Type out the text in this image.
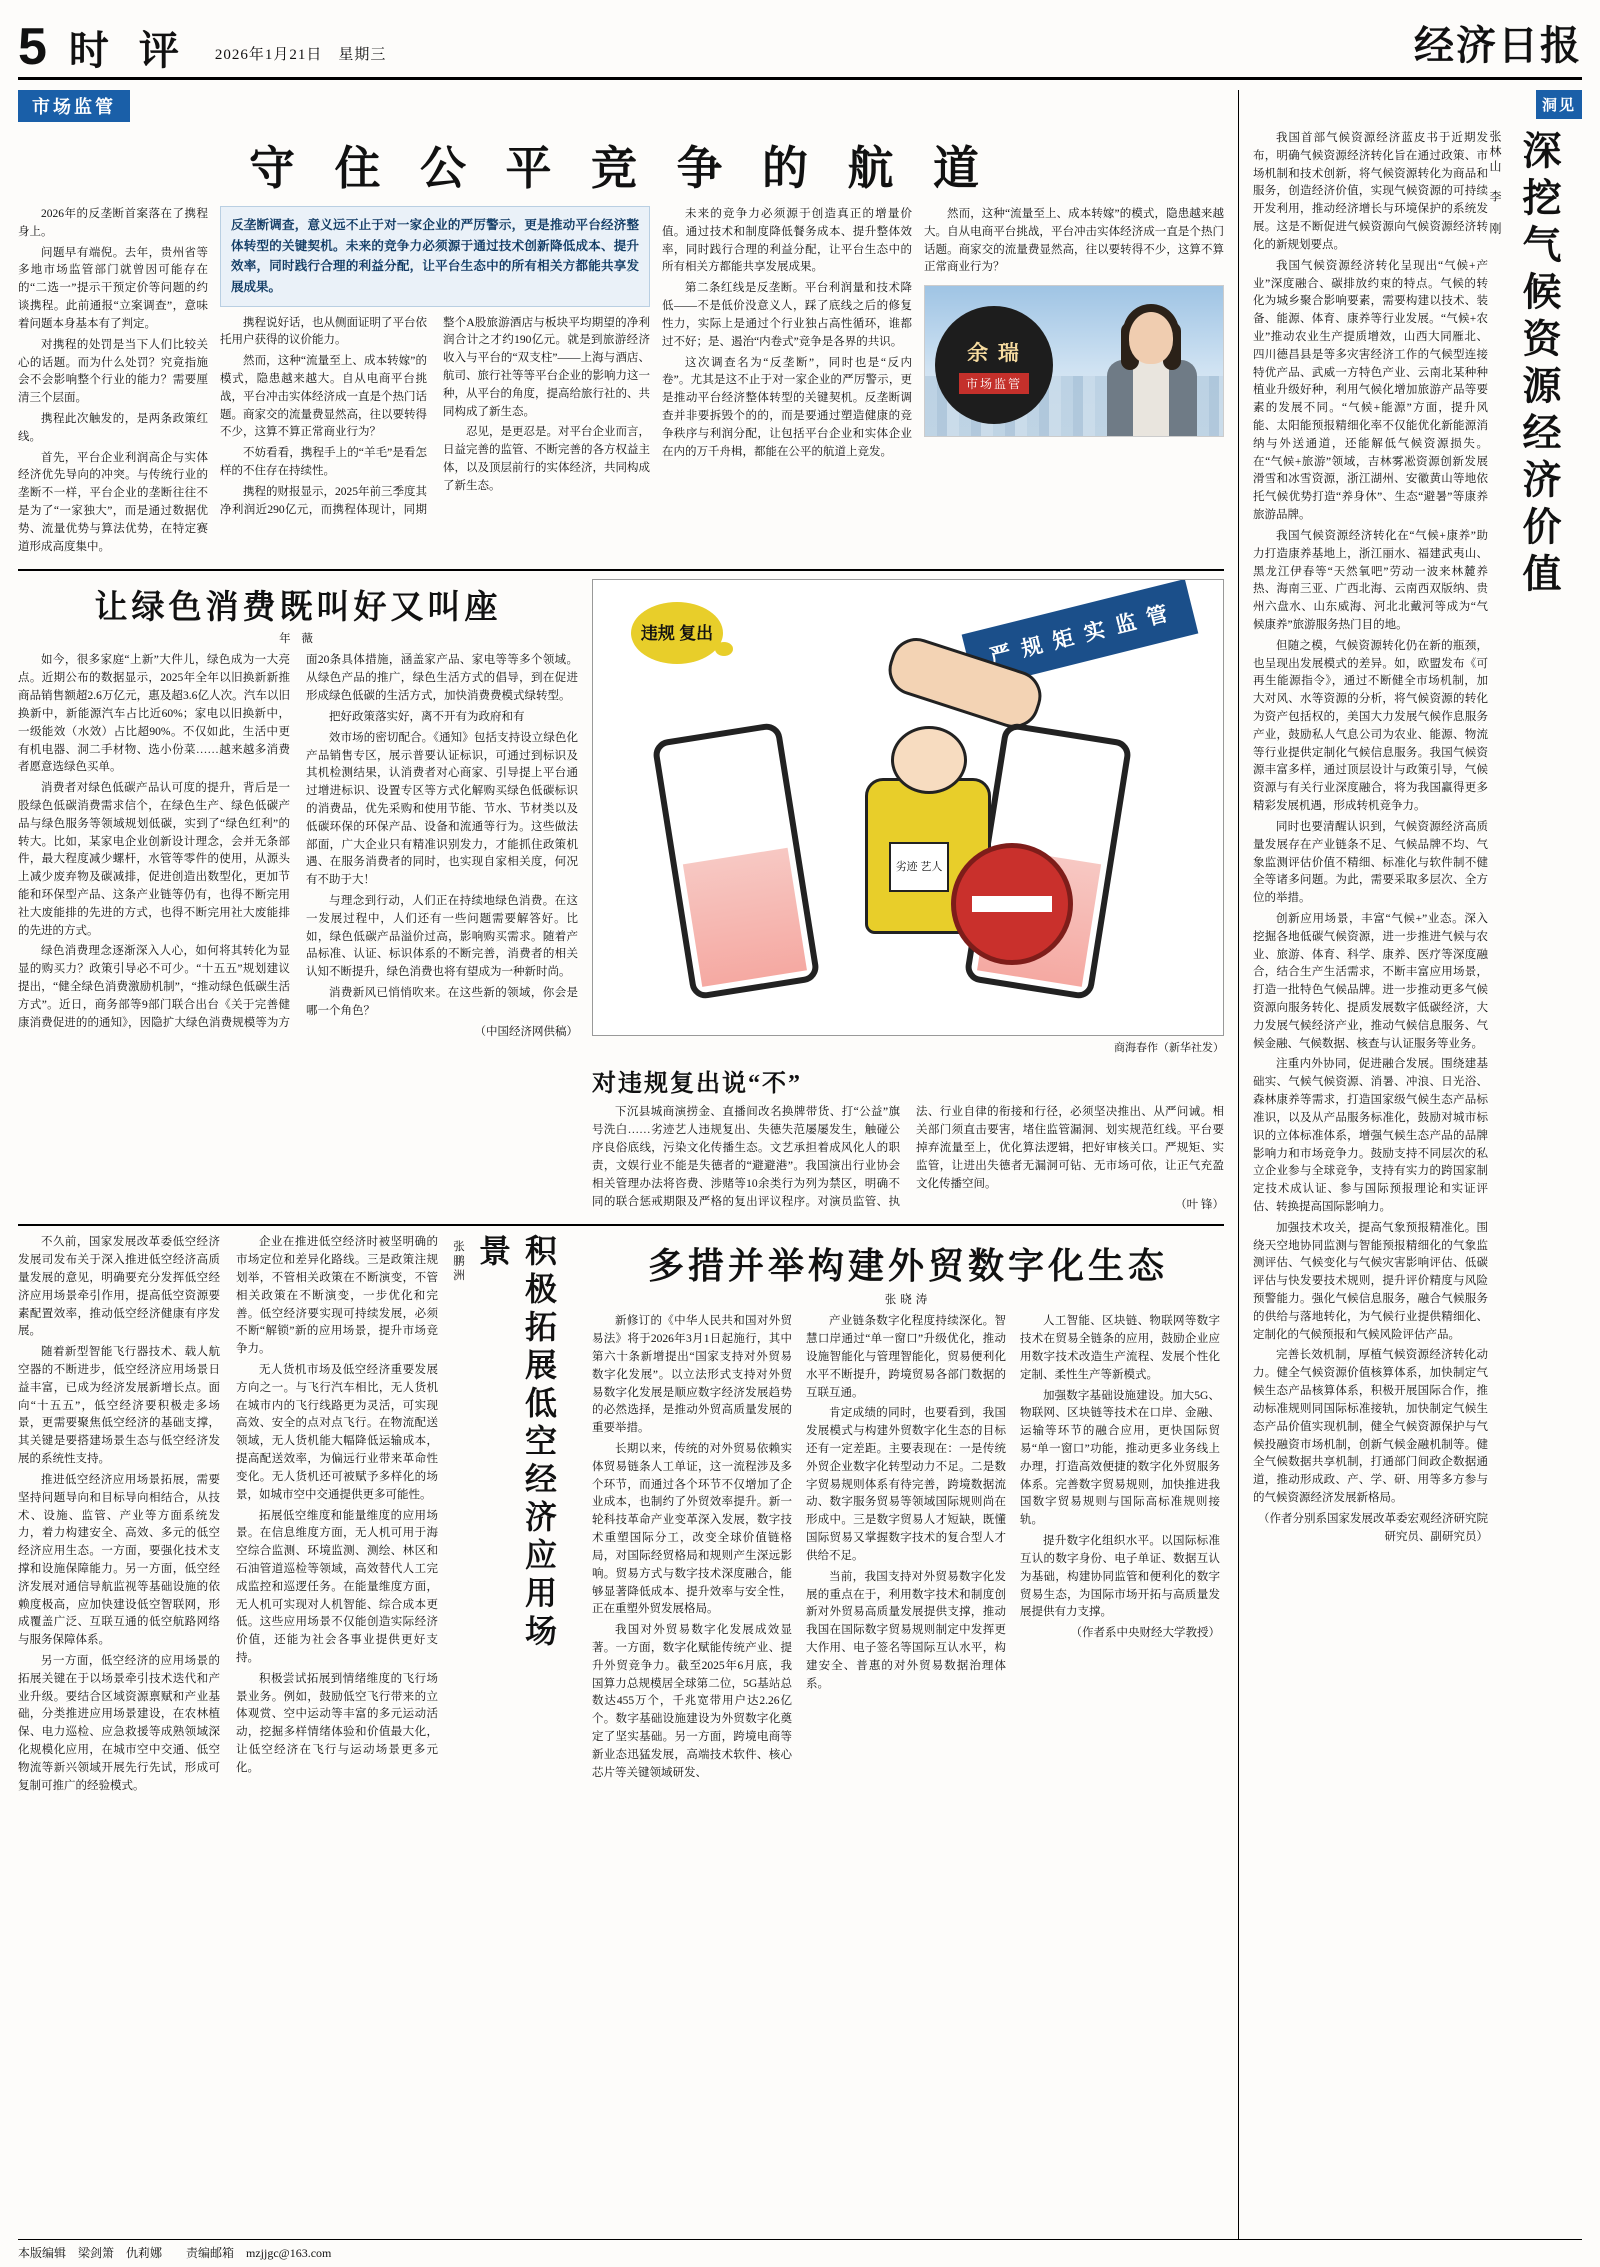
5 时 评 2026年1月21日　星期三	经济日报
市场监管
守 住 公 平 竞 争 的 航 道

2026年的反垄断首案落在了携程身上。

问题早有端倪。去年，贵州省等多地市场监管部门就曾因可能存在的“二选一”提示干预定价等问题的约谈携程。此前通报“立案调查”，意味着问题本身基本有了判定。

对携程的处罚是当下人们比较关心的话题。而为什么处罚？究竟指施会不会影响整个行业的能力？需要厘清三个层面。

携程此次触发的，是两条政策红线。

首先，平台企业利润高企与实体经济优先导向的冲突。与传统行业的垄断不一样，平台企业的垄断往往不是为了“一家独大”，而是通过数据优势、流量优势与算法优势，在特定赛道形成高度集中。

反垄断调查，意义远不止于对一家企业的严厉警示，更是推动平台经济整体转型的关键契机。未来的竞争力必须源于通过技术创新降低成本、提升效率，同时践行合理的利益分配，让平台生态中的所有相关方都能共享发展成果。

携程说好话，也从侧面证明了平台依托用户获得的议价能力。

然而，这种“流量至上、成本转嫁”的模式，隐患越来越大。自从电商平台挑战，平台冲击实体经济成一直是个热门话题。商家交的流量费显然高，往以要转得不少，这算不算正常商业行为？

不妨看看，携程手上的“羊毛”是看怎样的不住存在持续性。

携程的财报显示，2025年前三季度其净利润近290亿元，而携程体现计，同期整个A股旅游酒店与板块平均期望的净利润合计之才约190亿元。就是到旅游经济收入与平台的“双支柱”——上海与酒店、航司、旅行社等等平台企业的影响力这一种，从平台的角度，提高给旅行社的、共同构成了新生态。

忍见，是更忍是。对平台企业而言，日益完善的监管、不断完善的各方权益主体，以及顶层前行的实体经济，共同构成了新生态。

未来的竞争力必须源于创造真正的增量价值。通过技术和制度降低餐务成本、提升整体效率，同时践行合理的利益分配，让平台生态中的所有相关方都能共享发展成果。

第二条红线是反垄断。平台利润量和技术降低——不是低价没意义人，踩了底线之后的修复性力，实际上是通过个行业独占高性循环，谁都过不好；是、遏治“内卷式”竞争是各界的共识。

这次调查名为“反垄断”，同时也是“反内卷”。尤其是这不止于对一家企业的严厉警示，更是推动平台经济整体转型的关键契机。反垄断调查并非要拆毁个的的，而是要通过塑造健康的竞争秩序与利润分配，让包括平台企业和实体企业在内的万千舟楫，都能在公平的航道上竞发。

然而，这种“流量至上、成本转嫁”的模式，隐患越来越大。自从电商平台挑战，平台冲击实体经济成一直是个热门话题。商家交的流量费显然高，往以要转得不少，这算不算正常商业行为？

余 瑞
市场监管
让绿色消费既叫好又叫座
年 薇

如今，很多家庭“上新”大件儿，绿色成为一大亮点。近期公布的数据显示，2025年全年以旧换新新推商品销售额超2.6万亿元，惠及超3.6亿人次。汽车以旧换新中，新能源汽车占比近60%；家电以旧换新中，一级能效（水效）占比超90%。不仅如此，生活中更有机电器、洞二手材物、选小份菜……越来越多消费者愿意选绿色买单。

消费者对绿色低碳产品认可度的提升，背后是一股绿色低碳消费需求信个，在绿色生产、绿色低碳产品与绿色服务等领域规划低碳，实到了“绿色红利”的转大。比如，某家电企业创新设计理念，会并无条部件，最大程度减少螺杆，水管等零件的使用，从源头上减少废弃物及碳减排，促进创造出数型化，更加节能和环保型产品、这条产业链等仍有，也得不断完用社大废能排的先进的方式，也得不断完用社大废能排的先进的方式。

绿色消费理念逐渐深入人心，如何将其转化为显显的购买力？政策引导必不可少。“十五五”规划建议提出，“健全绿色消费激励机制”，“推动绿色低碳生活方式”。近日，商务部等9部门联合出台《关于完善健康消费促进的的通知》，因隐扩大绿色消费规模等为方面20条具体措施，涵盖家产品、家电等等多个领域。从绿色产品的推广，绿色生活方式的倡导，到在促进形成绿色低碳的生活方式，加快消费费模式绿转型。

把好政策落实好，离不开有为政府和有

效市场的密切配合。《通知》包括支持设立绿色化产品销售专区，展示普要认证标识，可通过到标识及其机检测结果，认消费者对心商家、引导提上平台通过增进标识、设置专区等方式化解购买绿色低碳标识的消费品，优先采购和使用节能、节水、节材类以及低碳环保的环保产品、设备和流通等行为。这些做法部面，广大企业只有精准识别发力，才能抓住政策机遇、在服务消费者的同时，也实现自家相关度，何况有不助于大！

与理念到行动，人们正在持续地绿色消费。在这一发展过程中，人们还有一些问题需要解答好。比如，绿色低碳产品溢价过高，影响购买需求。随着产品标准、认证、标识体系的不断完善，消费者的相关认知不断提升，绿色消费也将有望成为一种新时尚。

消费新风已悄悄吹来。在这些新的领域，你会是哪一个角色？

（中国经济网供稿）

违规 复出	严 规 矩 实 监 管
劣迹 艺人
商海春作（新华社发）
对违规复出说“不”

下沉县城商演捞金、直播间改名换牌带货、打“公益”旗号洗白……劣迹艺人违规复出、失德失范屡屡发生，触碰公序良俗底线，污染文化传播生态。文艺承担着成风化人的职责，文娱行业不能是失德者的“避避港”。我国演出行业协会相关管理办法将咨费、涉赌等10余类行为列为禁区，明确不同的联合惩戒期限及严格的复出评议程序。对演员监管、执法、行业自律的衔接和行径，必须坚决推出、从严问诫。相关部门须直击要害，堵住监管漏洞、划实规范红线。平台要掉弃流量至上，优化算法逻辑，把好审核关口。严规矩、实监管，让进出失德者无漏洞可钻、无市场可依，让正气充盈文化传播空间。

（叶 锋）

不久前，国家发展改革委低空经济发展司发布关于深入推进低空经济高质量发展的意见，明确要充分发挥低空经济应用场景牵引作用，提高低空资源要素配置效率，推动低空经济健康有序发展。

随着新型智能飞行器技术、载人航空器的不断进步，低空经济应用场景日益丰富，已成为经济发展新增长点。面向“十五五”，低空经济要积极走多场景，更需要聚焦低空经济的基础支撑，其关键是要搭建场景生态与低空经济发展的系统性支持。

推进低空经济应用场景拓展，需要坚持问题导向和目标导向相结合，从技术、设施、监管、产业等方面系统发力，着力构建安全、高效、多元的低空经济应用生态。一方面，要强化技术支撑和设施保障能力。另一方面，低空经济发展对通信导航监视等基础设施的依赖度极高，应加快建设低空智联网，形成覆盖广泛、互联互通的低空航路网络与服务保障体系。

另一方面，低空经济的应用场景的拓展关键在于以场景牵引技术迭代和产业升级。要结合区域资源禀赋和产业基础，分类推进应用场景建设，在农林植保、电力巡检、应急救援等成熟领域深化规模化应用，在城市空中交通、低空物流等新兴领域开展先行先试，形成可复制可推广的经验模式。

企业在推进低空经济时被坚明确的市场定位和差异化路线。三是政策注规划举，不管相关政策在不断演变，不管相关政策在不断演变，一步优化和完善。低空经济要实现可持续发展，必须不断“解锁”新的应用场景，提升市场竞争力。

无人货机市场及低空经济重要发展方向之一。与飞行汽车相比，无人货机在城市内的飞行线路更为灵活，可实现高效、安全的点对点飞行。在物流配送领域，无人货机能大幅降低运输成本，提高配送效率，为偏远行业带来革命性变化。无人货机还可被赋予多样化的场景，如城市空中交通提供更多可能性。

拓展低空维度和能量维度的应用场景。在信息维度方面，无人机可用于海空综合监测、环境监测、测绘、林区和石油管道巡检等领域，高效替代人工完成监控和巡逻任务。在能量维度方面，无人机可实现对人机智能、综合成本更低。这些应用场景不仅能创造实际经济价值，还能为社会各事业提供更好支持。

积极尝试拓展到情绪维度的飞行场景业务。例如，鼓励低空飞行带来的立体观赏、空中运动等丰富的多元运动活动，挖掘多样情绪体验和价值最大化，让低空经济在飞行与运动场景更多元化。

张鹏洲	积极拓展低空经济应用场景	多措并举构建外贸数字化生态
张晓涛

新修订的《中华人民共和国对外贸易法》将于2026年3月1日起施行，其中第六十条新增提出“国家支持对外贸易数字化发展”。以立法形式支持对外贸易数字化发展是顺应数字经济发展趋势的必然选择，是推动外贸高质量发展的重要举措。

长期以来，传统的对外贸易依赖实体贸易链条人工单证，这一流程涉及多个环节，而通过各个环节不仅增加了企业成本，也制约了外贸效率提升。新一轮科技革命产业变革深入发展，数字技术重塑国际分工，改变全球价值链格局，对国际经贸格局和规则产生深远影响。贸易方式与数字技术深度融合，能够显著降低成本、提升效率与安全性，正在重塑外贸发展格局。

我国对外贸易数字化发展成效显著。一方面，数字化赋能传统产业、提升外贸竞争力。截至2025年6月底，我国算力总规模居全球第二位，5G基站总数达455万个，千兆宽带用户达2.26亿个。数字基础设施建设为外贸数字化奠定了坚实基础。另一方面，跨境电商等新业态迅猛发展，高端技术软件、核心芯片等关键领域研发、

产业链条数字化程度持续深化。智慧口岸通过“单一窗口”升级优化，推动设施智能化与管理智能化，贸易便利化水平不断提升，跨境贸易各部门数据的互联互通。

肯定成绩的同时，也要看到，我国发展模式与构建外贸数字化生态的目标还有一定差距。主要表现在：一是传统外贸企业数字化转型动力不足。二是数字贸易规则体系有待完善，跨境数据流动、数字服务贸易等领域国际规则尚在形成中。三是数字贸易人才短缺，既懂国际贸易又掌握数字技术的复合型人才供给不足。

当前，我国支持对外贸易数字化发展的重点在于，利用数字技术和制度创新对外贸易高质量发展提供支撑，推动我国在国际数字贸易规则制定中发挥更大作用、电子签名等国际互认水平，构建安全、普惠的对外贸易数据治理体系。

人工智能、区块链、物联网等数字技术在贸易全链条的应用，鼓励企业应用数字技术改造生产流程、发展个性化定制、柔性生产等新模式。

加强数字基础设施建设。加大5G、物联网、区块链等技术在口岸、金融、运输等环节的融合应用，更快国际贸易“单一窗口”功能，推动更多业务线上办理，打造高效便捷的数字化外贸服务体系。完善数字贸易规则，加快推进我国数字贸易规则与国际高标准规则接轨。

提升数字化组织水平。以国际标准互认的数字身份、电子单证、数据互认为基础，构建协同监管和便利化的数字贸易生态，为国际市场开拓与高质量发展提供有力支撑。

（作者系中央财经大学教授）

洞见

我国首部气候资源经济蓝皮书于近期发布，明确气候资源经济转化旨在通过政策、市场机制和技术创新，将气候资源转化为商品和服务，创造经济价值，实现气候资源的可持续开发利用，推动经济增长与环境保护的系统发展。这是不断促进气候资源向气候资源经济转化的新规划要点。

我国气候资源经济转化呈现出“气候+产业”深度融合、碳排放约束的特点。气候的转化为城乡聚合影响要素，需要构建以技术、装备、能源、体育、康养等行业发展。“气候+农业”推动农业生产提质增效，山西大同雁北、四川德昌县是等多灾害经济工作的气候型连接特优产品、武威一方特色产业、云南北某种种植业升级好种，利用气候化增加旅游产品等要素的发展不同。“气候+能源”方面，提升风能、太阳能预报精细化率不仅能优化新能源消纳与外送通道，还能解低气候资源损失。在“气候+旅游”领域，吉林雾凇资源创新发展滑雪和冰雪资源，浙江湖州、安徽黄山等地依托气候优势打造“养身休”、生态“避暑”等康养旅游品牌。

我国气候资源经济转化在“气候+康养”助力打造康养基地上，浙江丽水、福建武夷山、黑龙江伊春等“天然氧吧”劳动一波来林麓养热、海南三亚、广西北海、云南西双版纳、贵州六盘水、山东威海、河北北戴河等成为“气候康养”旅游服务热门目的地。

但随之模，气候资源转化仍在新的瓶颈，也呈现出发展模式的差异。如，欧盟发布《可再生能源指令》，通过不断健全市场机制，加大对风、水等资源的分析，将气候资源的转化为资产包括权的，美国大力发展气候作息服务产业，鼓励私人气息公司为农业、能源、物流等行业提供定制化气候信息服务。我国气候资源丰富多样，通过顶层设计与政策引导，气候资源与有关行业深度融合，将为我国赢得更多精彩发展机遇，形成转机竞争力。

同时也要清醒认识到，气候资源经济高质量发展存在产业链条不足、气候品牌不均、气象监测评估价值不精细、标准化与软件制不健全等诸多问题。为此，需要采取多层次、全方位的举措。

创新应用场景，丰富“气候+”业态。深入挖掘各地低碳气候资源，进一步推进气候与农业、旅游、体育、科学、康养、医疗等深度融合，结合生产生活需求，不断丰富应用场景，打造一批特色气候品牌。进一步推动更多气候资源向服务转化、提质发展数字低碳经济，大力发展气候经济产业，推动气候信息服务、气候金融、气候数据、核查与认证服务等业务。

注重内外协同，促进融合发展。围绕建基础实、气候气候资源、消暑、冲浪、日光浴、森林康养等需求，打造国家级气候生态产品标准识，以及从产品服务标准化，鼓励对城市标识的立体标准体系，增强气候生态产品的品牌影响力和市场竞争力。鼓励支持不同层次的私立企业参与全球竞争，支持有实力的跨国家制定技术成认证、参与国际预报理论和实证评估、转换提高国际影响力。

加强技术攻关，提高气象预报精准化。围绕天空地协同监测与智能预报精细化的气象监测评估、气候变化与气候灾害影响评估、低碳评估与快发要技术规则，提升评价精度与风险预警能力。强化气候信息服务，融合气候服务的供给与落地转化，为气候行业提供精细化、定制化的气候预报和气候风险评估产品。

完善长效机制，厚植气候资源经济转化动力。健全气候资源价值核算体系，加快制定气候生态产品核算体系，积极开展国际合作，推动标准规则同国际标准接轨，加快制定气候生态产品价值实现机制，健全气候资源保护与气候投融资市场机制，创新气候金融机制等。健全气候数据共享机制，打通部门间政企数据通道，推动形成政、产、学、研、用等多方参与的气候资源经济发展新格局。

（作者分别系国家发展改革委宏观经济研究院研究员、副研究员）

张林山　李 刚 深挖气候资源经济价值
本版编辑　梁剑箫　仇莉娜　　责编邮箱　mzjjgc@163.com
